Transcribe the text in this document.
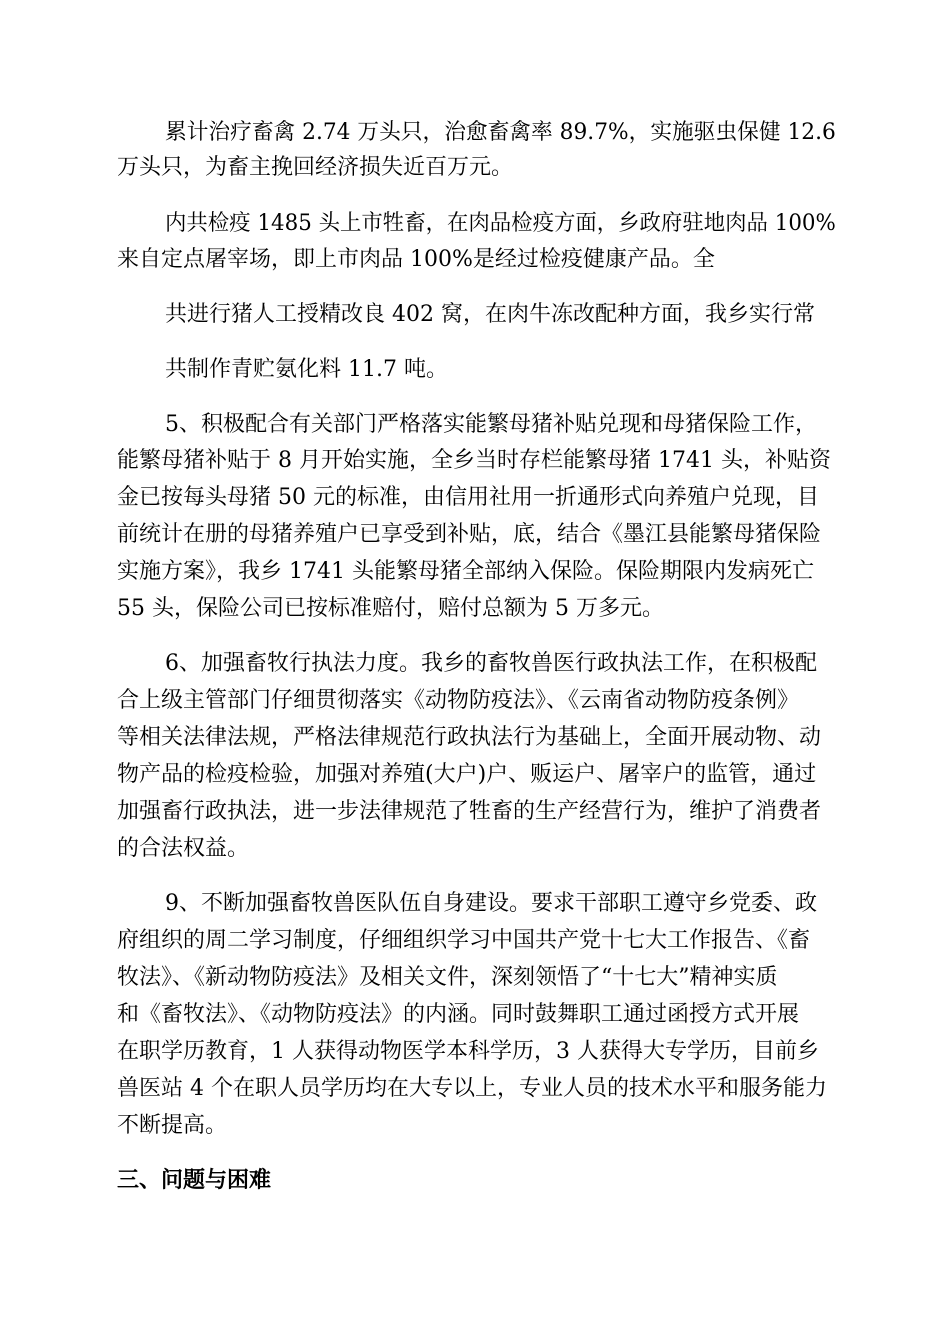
累计治疗畜禽 2.74 万头只，治愈畜禽率 89.7%，实施驱虫保健 12.6
万头只，为畜主挽回经济损失近百万元。
内共检疫 1485 头上市牲畜，在肉品检疫方面，乡政府驻地肉品 100%
来自定点屠宰场，即上市肉品 100%是经过检疫健康产品。全
共进行猪人工授精改良 402 窝，在肉牛冻改配种方面，我乡实行常
共制作青贮氨化料 11.7 吨。
5、积极配合有关部门严格落实能繁母猪补贴兑现和母猪保险工作，
能繁母猪补贴于 8 月开始实施，全乡当时存栏能繁母猪 1741 头，补贴资
金已按每头母猪 50 元的标准，由信用社用一折通形式向养殖户兑现，目
前统计在册的母猪养殖户已享受到补贴，底，结合《墨江县能繁母猪保险
实施方案》，我乡 1741 头能繁母猪全部纳入保险。保险期限内发病死亡
55 头，保险公司已按标准赔付，赔付总额为 5 万多元。
6、加强畜牧行执法力度。我乡的畜牧兽医行政执法工作，在积极配
合上级主管部门仔细贯彻落实《动物防疫法》、《云南省动物防疫条例》
等相关法律法规，严格法律规范行政执法行为基础上，全面开展动物、动
物产品的检疫检验，加强对养殖(大户)户、贩运户、屠宰户的监管，通过
加强畜行政执法，进一步法律规范了牲畜的生产经营行为，维护了消费者
的合法权益。
9、不断加强畜牧兽医队伍自身建设。要求干部职工遵守乡党委、政
府组织的周二学习制度，仔细组织学习中国共产党十七大工作报告、《畜
牧法》、《新动物防疫法》及相关文件，深刻领悟了“十七大”精神实质
和《畜牧法》、《动物防疫法》的内涵。同时鼓舞职工通过函授方式开展
在职学历教育，1 人获得动物医学本科学历，3 人获得大专学历，目前乡
兽医站 4 个在职人员学历均在大专以上，专业人员的技术水平和服务能力
不断提高。
三、问题与困难
